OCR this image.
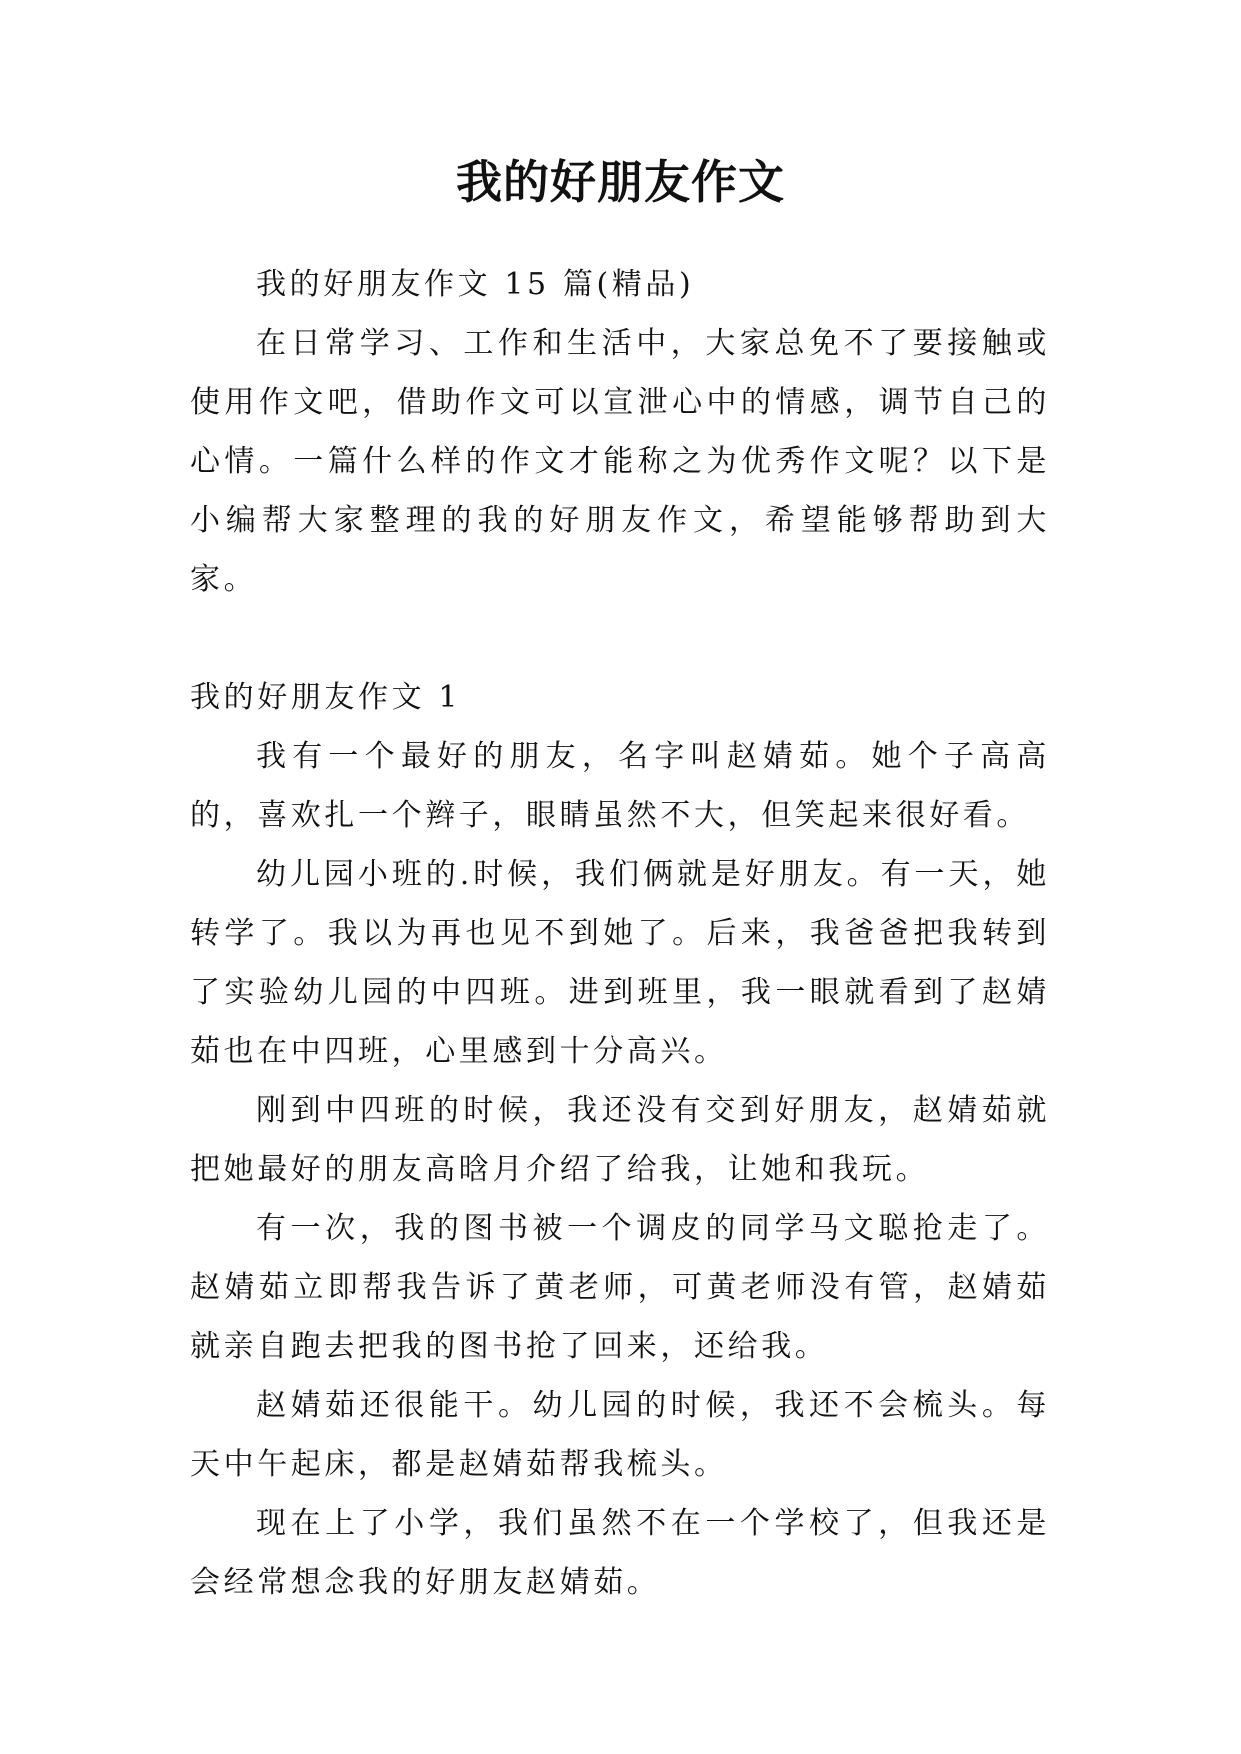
我的好朋友作文

我的好朋友作文 15 篇(精品)

在日常学习、工作和生活中，大家总免不了要接触或使用作文吧，借助作文可以宣泄心中的情感，调节自己的心情。一篇什么样的作文才能称之为优秀作文呢？以下是小编帮大家整理的我的好朋友作文，希望能够帮助到大家。

我的好朋友作文 1

我有一个最好的朋友，名字叫赵婧茹。她个子高高的，喜欢扎一个辫子，眼睛虽然不大，但笑起来很好看。

幼儿园小班的.时候，我们俩就是好朋友。有一天，她转学了。我以为再也见不到她了。后来，我爸爸把我转到了实验幼儿园的中四班。进到班里，我一眼就看到了赵婧茹也在中四班，心里感到十分高兴。

刚到中四班的时候，我还没有交到好朋友，赵婧茹就把她最好的朋友高晗月介绍了给我，让她和我玩。

有一次，我的图书被一个调皮的同学马文聪抢走了。赵婧茹立即帮我告诉了黄老师，可黄老师没有管，赵婧茹就亲自跑去把我的图书抢了回来，还给我。

赵婧茹还很能干。幼儿园的时候，我还不会梳头。每天中午起床，都是赵婧茹帮我梳头。

现在上了小学，我们虽然不在一个学校了，但我还是会经常想念我的好朋友赵婧茹。
